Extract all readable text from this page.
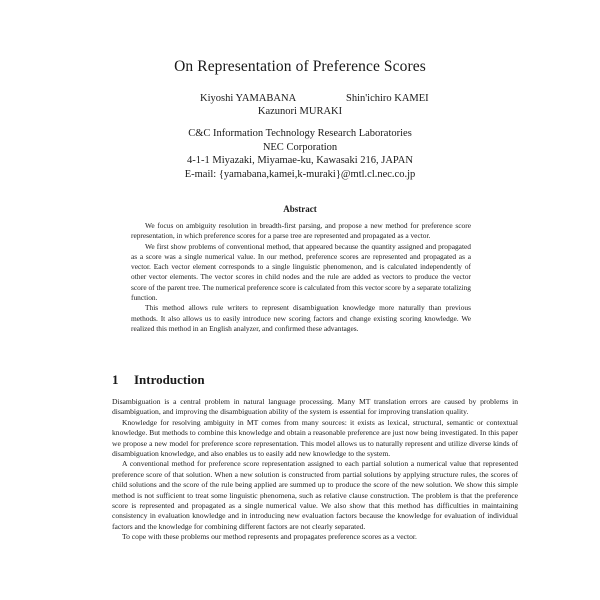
On Representation of Preference Scores
Kiyoshi YAMABANA	Shin'ichiro KAMEI
Kazunori MURAKI
C&C Information Technology Research Laboratories
NEC Corporation
4-1-1 Miyazaki, Miyamae-ku, Kawasaki 216, JAPAN
E-mail: {yamabana,kamei,k-muraki}@mtl.cl.nec.co.jp
Abstract

We focus on ambiguity resolution in breadth-first parsing, and propose a new method for preference score representation, in which preference scores for a parse tree are represented and propagated as a vector.

We first show problems of conventional method, that appeared because the quantity assigned and propagated as a score was a single numerical value. In our method, preference scores are represented and propagated as a vector. Each vector element corresponds to a single linguistic phenomenon, and is calculated independently of other vector elements. The vector scores in child nodes and the rule are added as vectors to produce the vector score of the parent tree. The numerical preference score is calculated from this vector score by a separate totalizing function.

This method allows rule writers to represent disambiguation knowledge more naturally than previous methods. It also allows us to easily introduce new scoring factors and change existing scoring knowledge. We realized this method in an English analyzer, and confirmed these advantages.

1 Introduction

Disambiguation is a central problem in natural language processing. Many MT translation errors are caused by problems in disambiguation, and improving the disambiguation ability of the system is essential for improving translation quality.

Knowledge for resolving ambiguity in MT comes from many sources: it exists as lexical, structural, semantic or contextual knowledge. But methods to combine this knowledge and obtain a reasonable preference are just now being investigated. In this paper we propose a new model for preference score representation. This model allows us to naturally represent and utilize diverse kinds of disambiguation knowledge, and also enables us to easily add new knowledge to the system.

A conventional method for preference score representation assigned to each partial solution a numerical value that represented preference score of that solution. When a new solution is constructed from partial solutions by applying structure rules, the scores of child solutions and the score of the rule being applied are summed up to produce the score of the new solution. We show this simple method is not sufficient to treat some linguistic phenomena, such as relative clause construction. The problem is that the preference score is represented and propagated as a single numerical value. We also show that this method has difficulties in maintaining consistency in evaluation knowledge and in introducing new evaluation factors because the knowledge for evaluation of individual factors and the knowledge for combining different factors are not clearly separated.

To cope with these problems our method represents and propagates preference scores as a vector.
